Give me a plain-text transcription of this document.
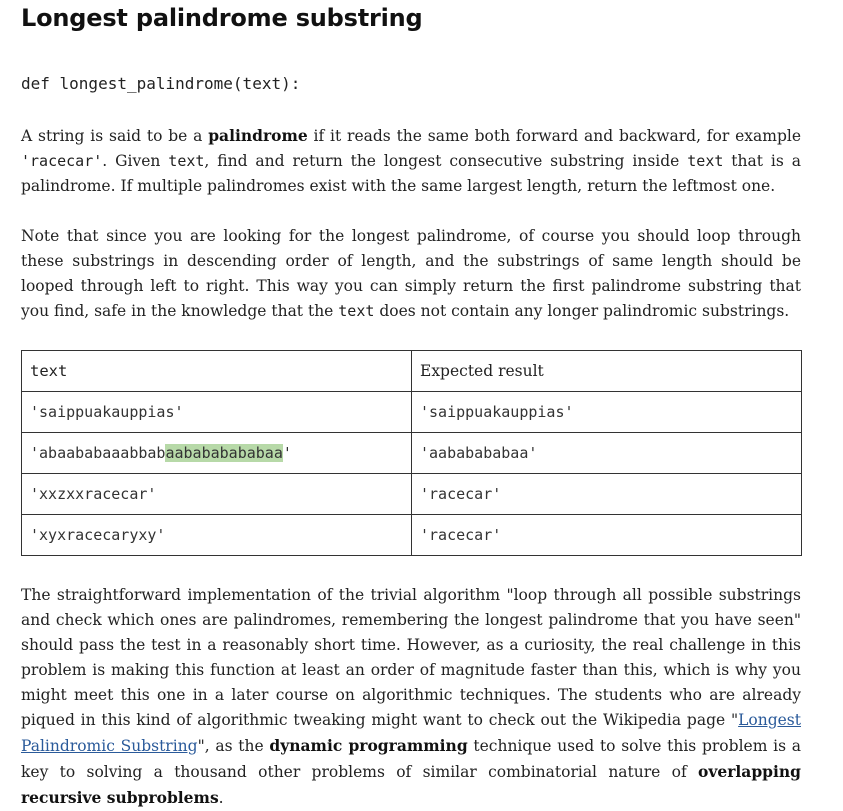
Longest palindrome substring
def longest_palindrome(text):

A string is said to be a palindrome if it reads the same both forward and backward, for example 'racecar'. Given text, find and return the longest consecutive substring inside text that is a palindrome. If multiple palindromes exist with the same largest length, return the leftmost one.

Note that since you are looking for the longest palindrome, of course you should loop through these substrings in descending order of length, and the substrings of same length should be looped through left to right. This way you can simply return the first palindrome substring that you find, safe in the knowledge that the text does not contain any longer palindromic substrings.

text	Expected result
'saippuakauppias'	'saippuakauppias'
'abaababaaabbabaabababababaa'	'aababababaa'
'xxzxxracecar'	'racecar'
'xyxracecaryxy'	'racecar'

The straightforward implementation of the trivial algorithm "loop through all possible substrings and check which ones are palindromes, remembering the longest palindrome that you have seen" should pass the test in a reasonably short time. However, as a curiosity, the real challenge in this problem is making this function at least an order of magnitude faster than this, which is why you might meet this one in a later course on algorithmic techniques. The students who are already piqued in this kind of algorithmic tweaking might want to check out the Wikipedia page "Longest Palindromic Substring", as the dynamic programming technique used to solve this problem is a key to solving a thousand other problems of similar combinatorial nature of overlapping recursive subproblems.
